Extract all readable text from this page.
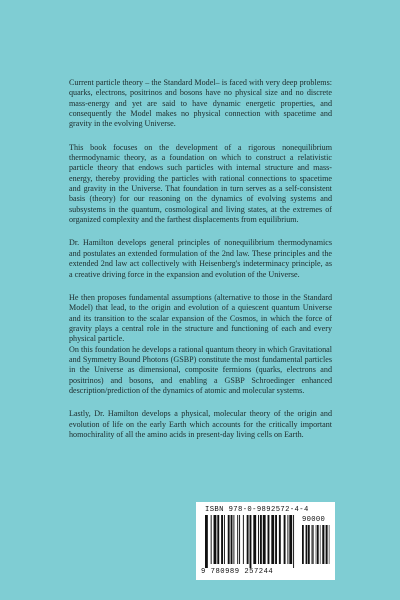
Current particle theory – the Standard Model– is faced with very deep problems: quarks, electrons, positrinos and bosons have no physical size and no discrete mass-energy and yet are said to have dynamic energetic properties, and consequently the Model makes no physical connection with spacetime and gravity in the evolving Universe.

This book focuses on the development of a rigorous nonequilibrium thermodynamic theory, as a foundation on which to construct a relativistic particle theory that endows such particles with internal structure and mass-energy, thereby providing the particles with rational connections to spacetime and gravity in the Universe. That foundation in turn serves as a self-consistent basis (theory) for our reasoning on the dynamics of evolving systems and subsystems in the quantum, cosmological and living states, at the extremes of organized complexity and the farthest displacements from equilibrium.

Dr. Hamilton develops general principles of nonequilibrium thermodynamics and postulates an extended formulation of the 2nd law. These principles and the extended 2nd law act collectively with Heisenberg's indeterminacy principle, as a creative driving force in the expansion and evolution of the Universe.

He then proposes fundamental assumptions (alternative to those in the Standard Model) that lead, to the origin and evolution of a quiescent quantum Universe and its transition to the scalar expansion of the Cosmos, in which the force of gravity plays a central role in the structure and functioning of each and every physical particle.

On this foundation he develops a rational quantum theory in which Gravitational and Symmetry Bound Photons (GSBP) constitute the most fundamental particles in the Universe as dimensional, composite fermions (quarks, electrons and positrinos) and bosons, and enabling a GSBP Schroedinger enhanced description/prediction of the dynamics of atomic and molecular systems.

Lastly, Dr. Hamilton develops a physical, molecular theory of the origin and evolution of life on the early Earth which accounts for the critically important homochirality of all the amino acids in present-day living cells on Earth.

ISBN 978-0-9892572-4-4
90000
9 780989 257244
